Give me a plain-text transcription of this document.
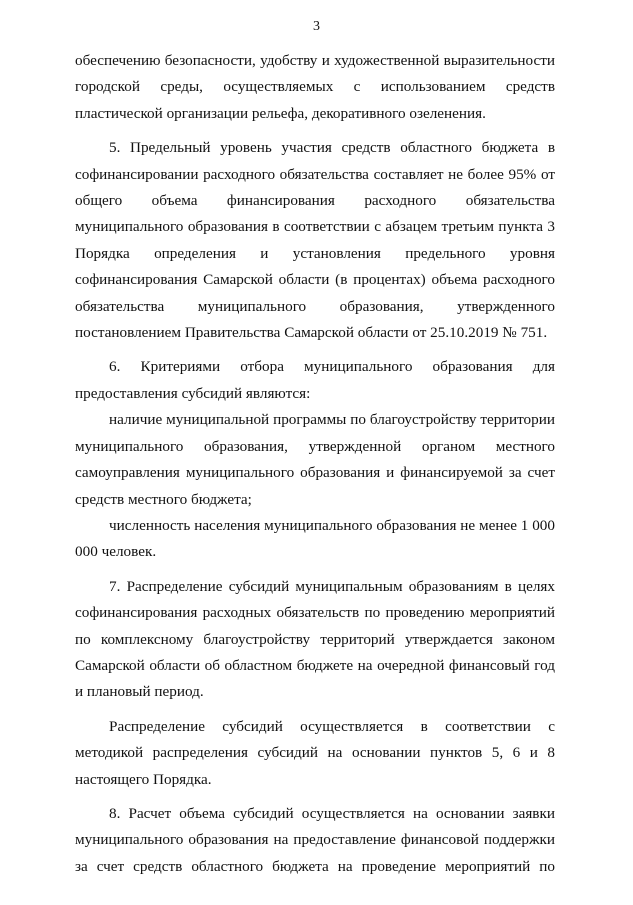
3

обеспечению безопасности, удобству и художественной выразительности городской среды, осуществляемых с использованием средств пластической организации рельефа, декоративного озеленения.

5. Предельный уровень участия средств областного бюджета в софинансировании расходного обязательства составляет не более 95% от общего объема финансирования расходного обязательства муниципального образования в соответствии с абзацем третьим пункта 3 Порядка определения и установления предельного уровня софинансирования Самарской области (в процентах) объема расходного обязательства муниципального образования, утвержденного постановлением Правительства Самарской области от 25.10.2019 № 751.

6. Критериями отбора муниципального образования для предоставления субсидий являются:

наличие муниципальной программы по благоустройству территории муниципального образования, утвержденной органом местного самоуправления муниципального образования и финансируемой за счет средств местного бюджета;

численность населения муниципального образования не менее 1 000 000 человек.

7. Распределение субсидий муниципальным образованиям в целях софинансирования расходных обязательств по проведению мероприятий по комплексному благоустройству территорий утверждается законом Самарской области об областном бюджете на очередной финансовый год и плановый период.

Распределение субсидий осуществляется в соответствии с методикой распределения субсидий на основании пунктов 5, 6 и 8 настоящего Порядка.

8. Расчет объема субсидий осуществляется на основании заявки муниципального образования на предоставление финансовой поддержки за счет средств областного бюджета на проведение мероприятий по
